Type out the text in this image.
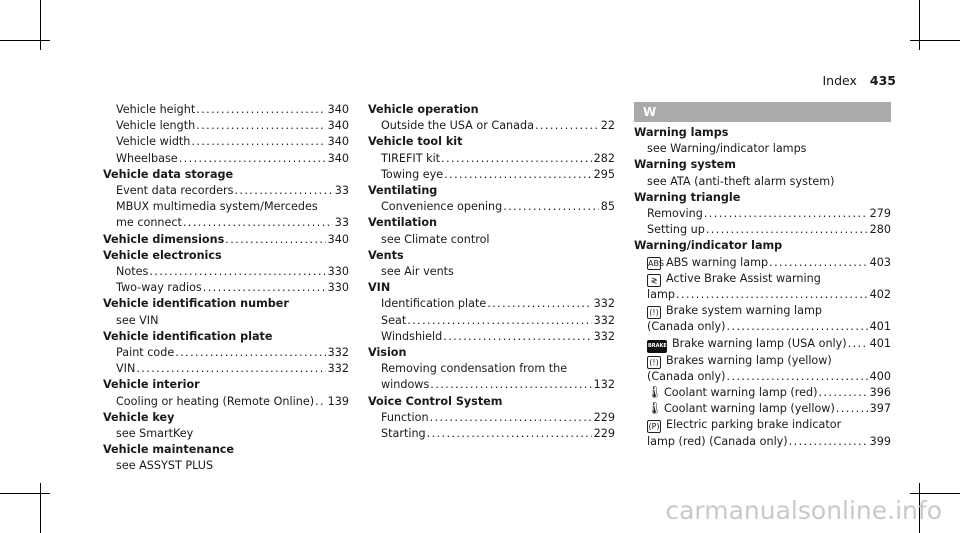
Index 435
Vehicle height .....	340
Vehicle length .....	340
Vehicle width .....	340
Wheelbase .....	340
Vehicle data storage
Event data recorders .....	33
MBUX multimedia system/Mercedes
me connect .....	33
Vehicle dimensions .....	340
Vehicle electronics
Notes .....	330
Two-way radios .....	330
Vehicle identification number
see VIN
Vehicle identification plate
Paint code .....	332
VIN .....	332
Vehicle interior
Cooling or heating (Remote Online) ..... 139
Vehicle key
see SmartKey
Vehicle maintenance
see ASSYST PLUS
Vehicle operation
Outside the USA or Canada .....	22
Vehicle tool kit
TIREFIT kit .....	282
Towing eye .....	295
Ventilating
Convenience opening .....	85
Ventilation
see Climate control
Vents
see Air vents
VIN
Identification plate .....	332
Seat .....	332
Windshield .....	332
Vision
Removing condensation from the
windows .....	132
Voice Control System
Function .....	229
Starting .....	229
W
Warning lamps
see Warning/indicator lamps
Warning system
see ATA (anti-theft alarm system)
Warning triangle
Removing .....	279
Setting up .....	280
Warning/indicator lamp
ABS ABS warning lamp .....	403
≷ Active Brake Assist warning
lamp .....	402
(!) Brake system warning lamp
(Canada only) .....	401
BRAKE Brake warning lamp (USA only) ..... 401
(!) Brakes warning lamp (yellow)
(Canada only) .....	400
🌡 Coolant warning lamp (red) .....	396
🌡 Coolant warning lamp (yellow) .....	397
(P) Electric parking brake indicator
lamp (red) (Canada only) .....	399
carmanualsonline.info
